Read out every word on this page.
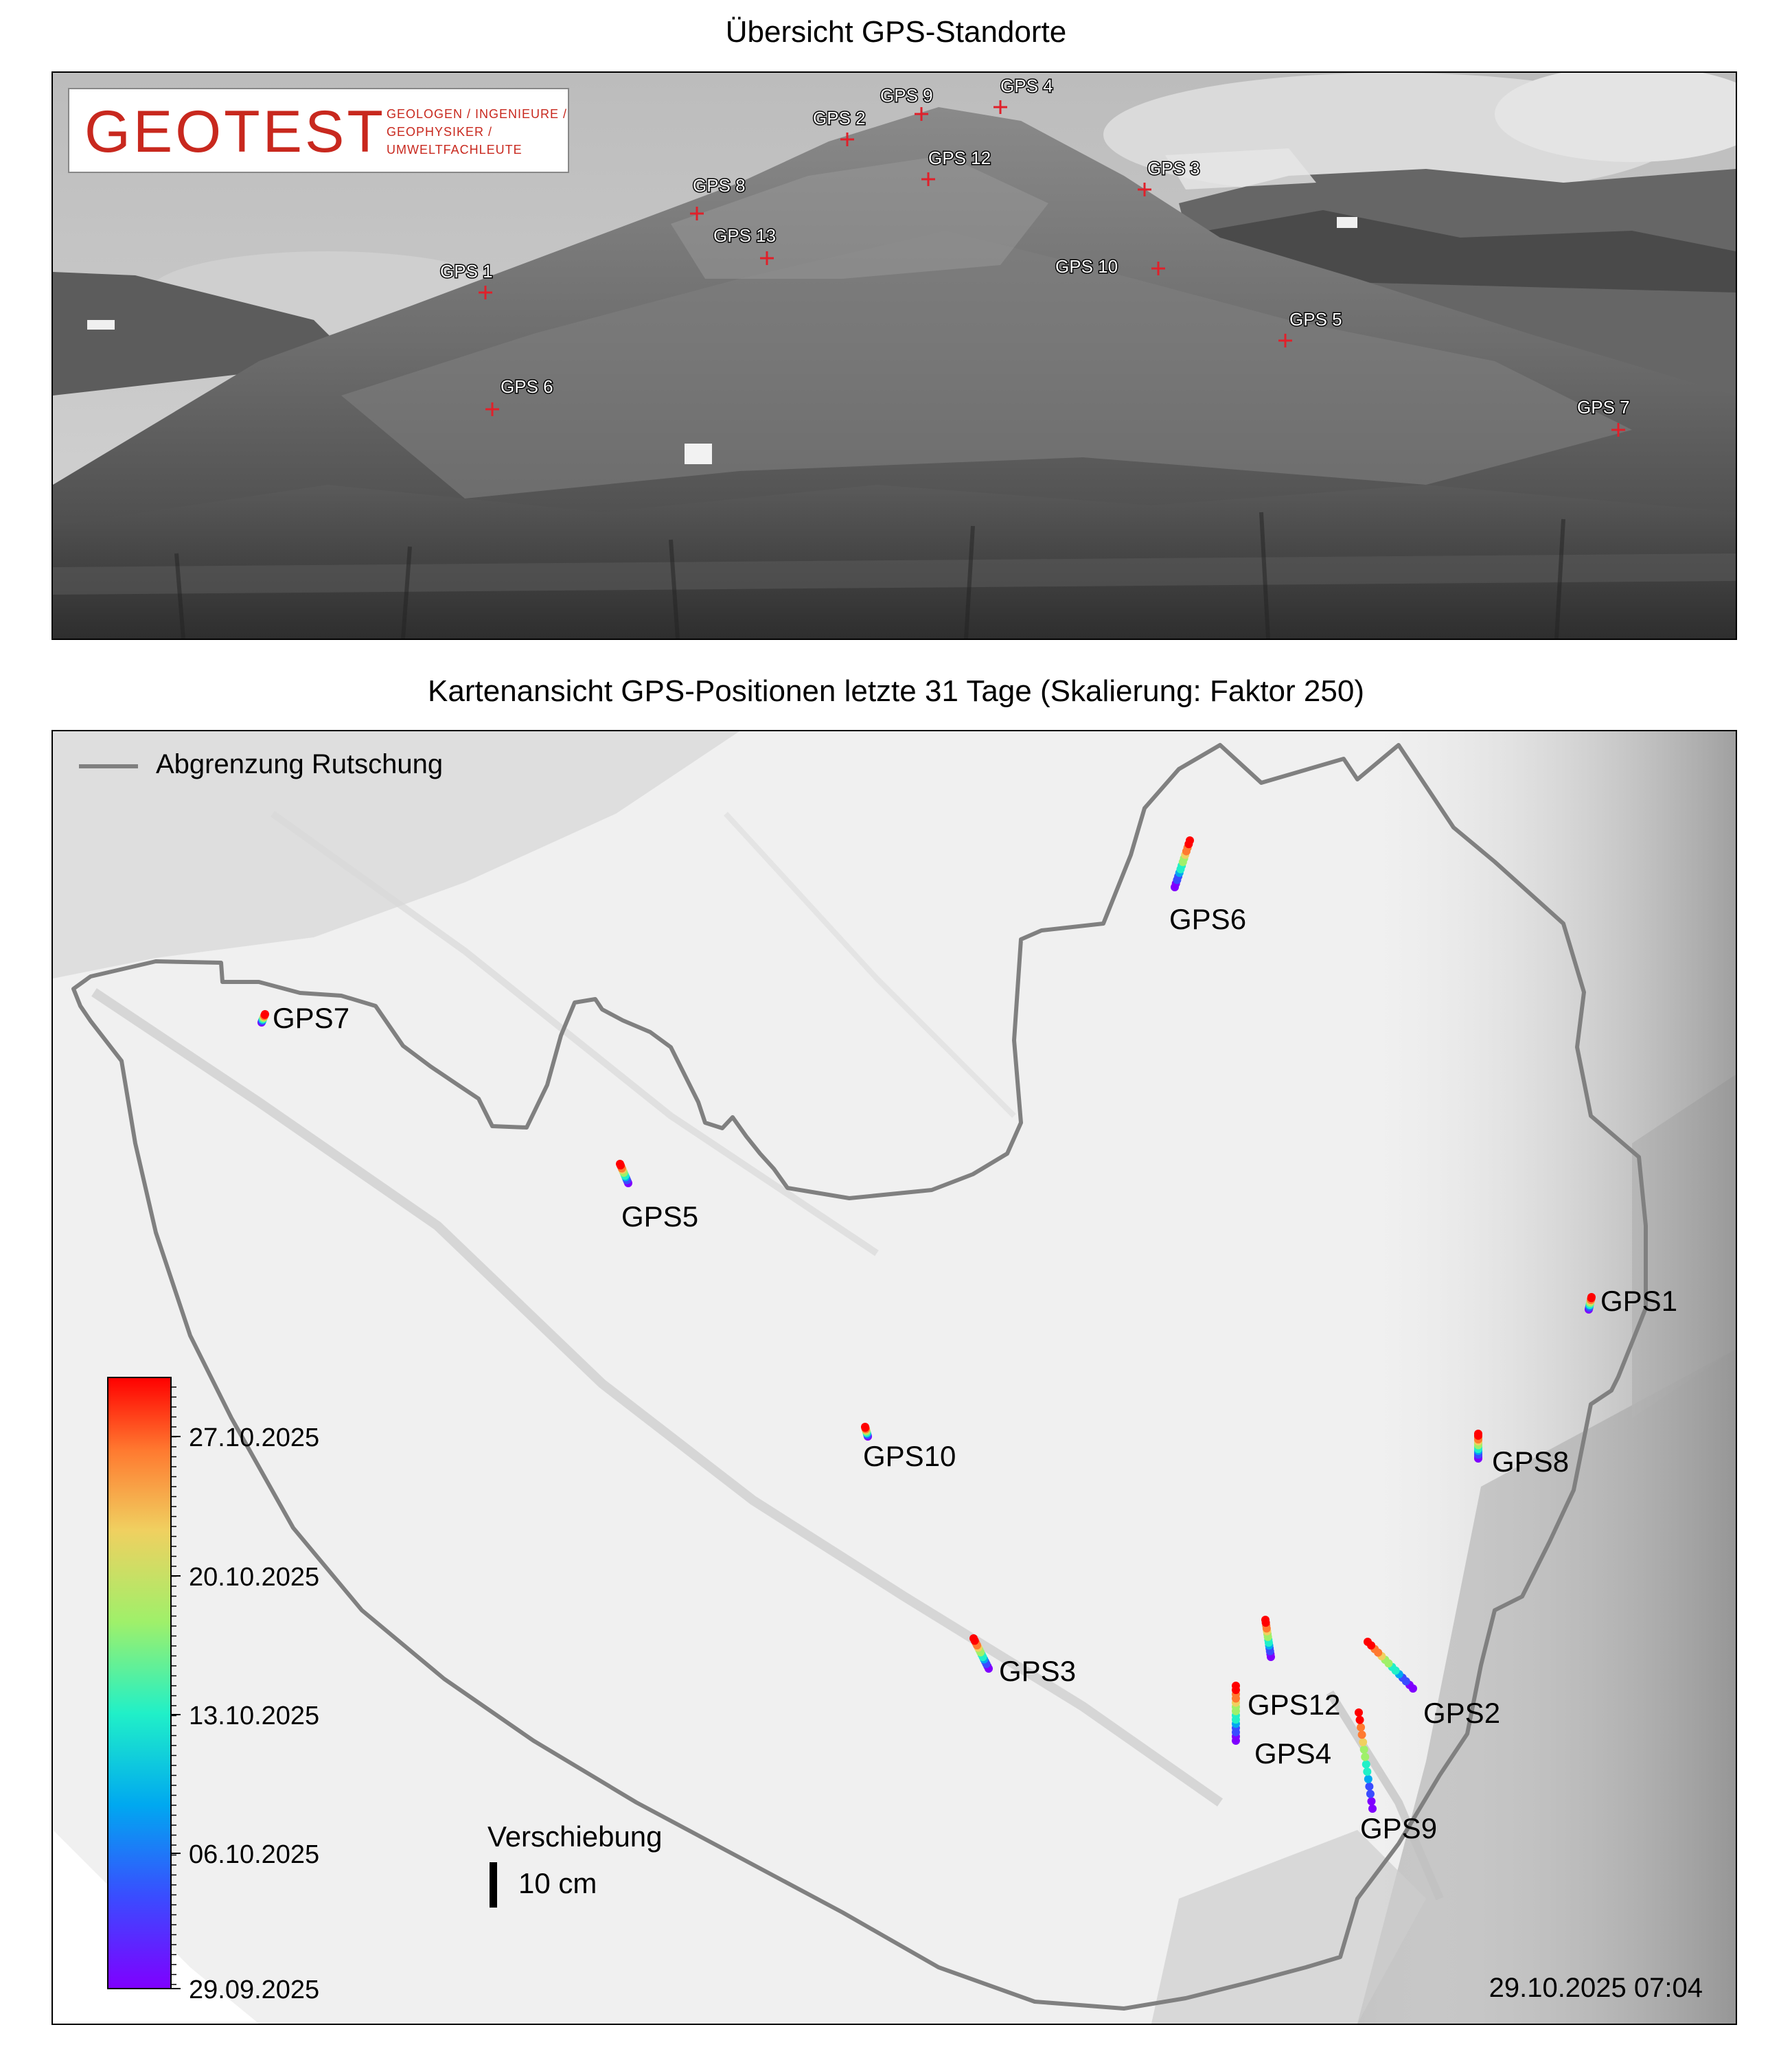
Übersicht GPS-Standorte
GPS 9	GPS 4
GPS 2
GPS 12
GPS 8
GPS 3
GPS 13
GPS 10
GPS 1
GPS 5
GPS 6
GPS 7
GEOTEST GEOLOGEN / INGENIEURE /
GEOPHYSIKER /
UMWELTFACHLEUTE
Kartenansicht GPS-Positionen letzte 31 Tage (Skalierung: Faktor 250)
27.10.2025
20.10.2025
13.10.2025
06.10.2025
29.09.2025
GPS6
GPS7
GPS5
GPS1
GPS10	GPS8
GPS3
GPS12	GPS2
GPS4
GPS9
Abgrenzung Rutschung
Verschiebung
10 cm
29.10.2025 07:04
